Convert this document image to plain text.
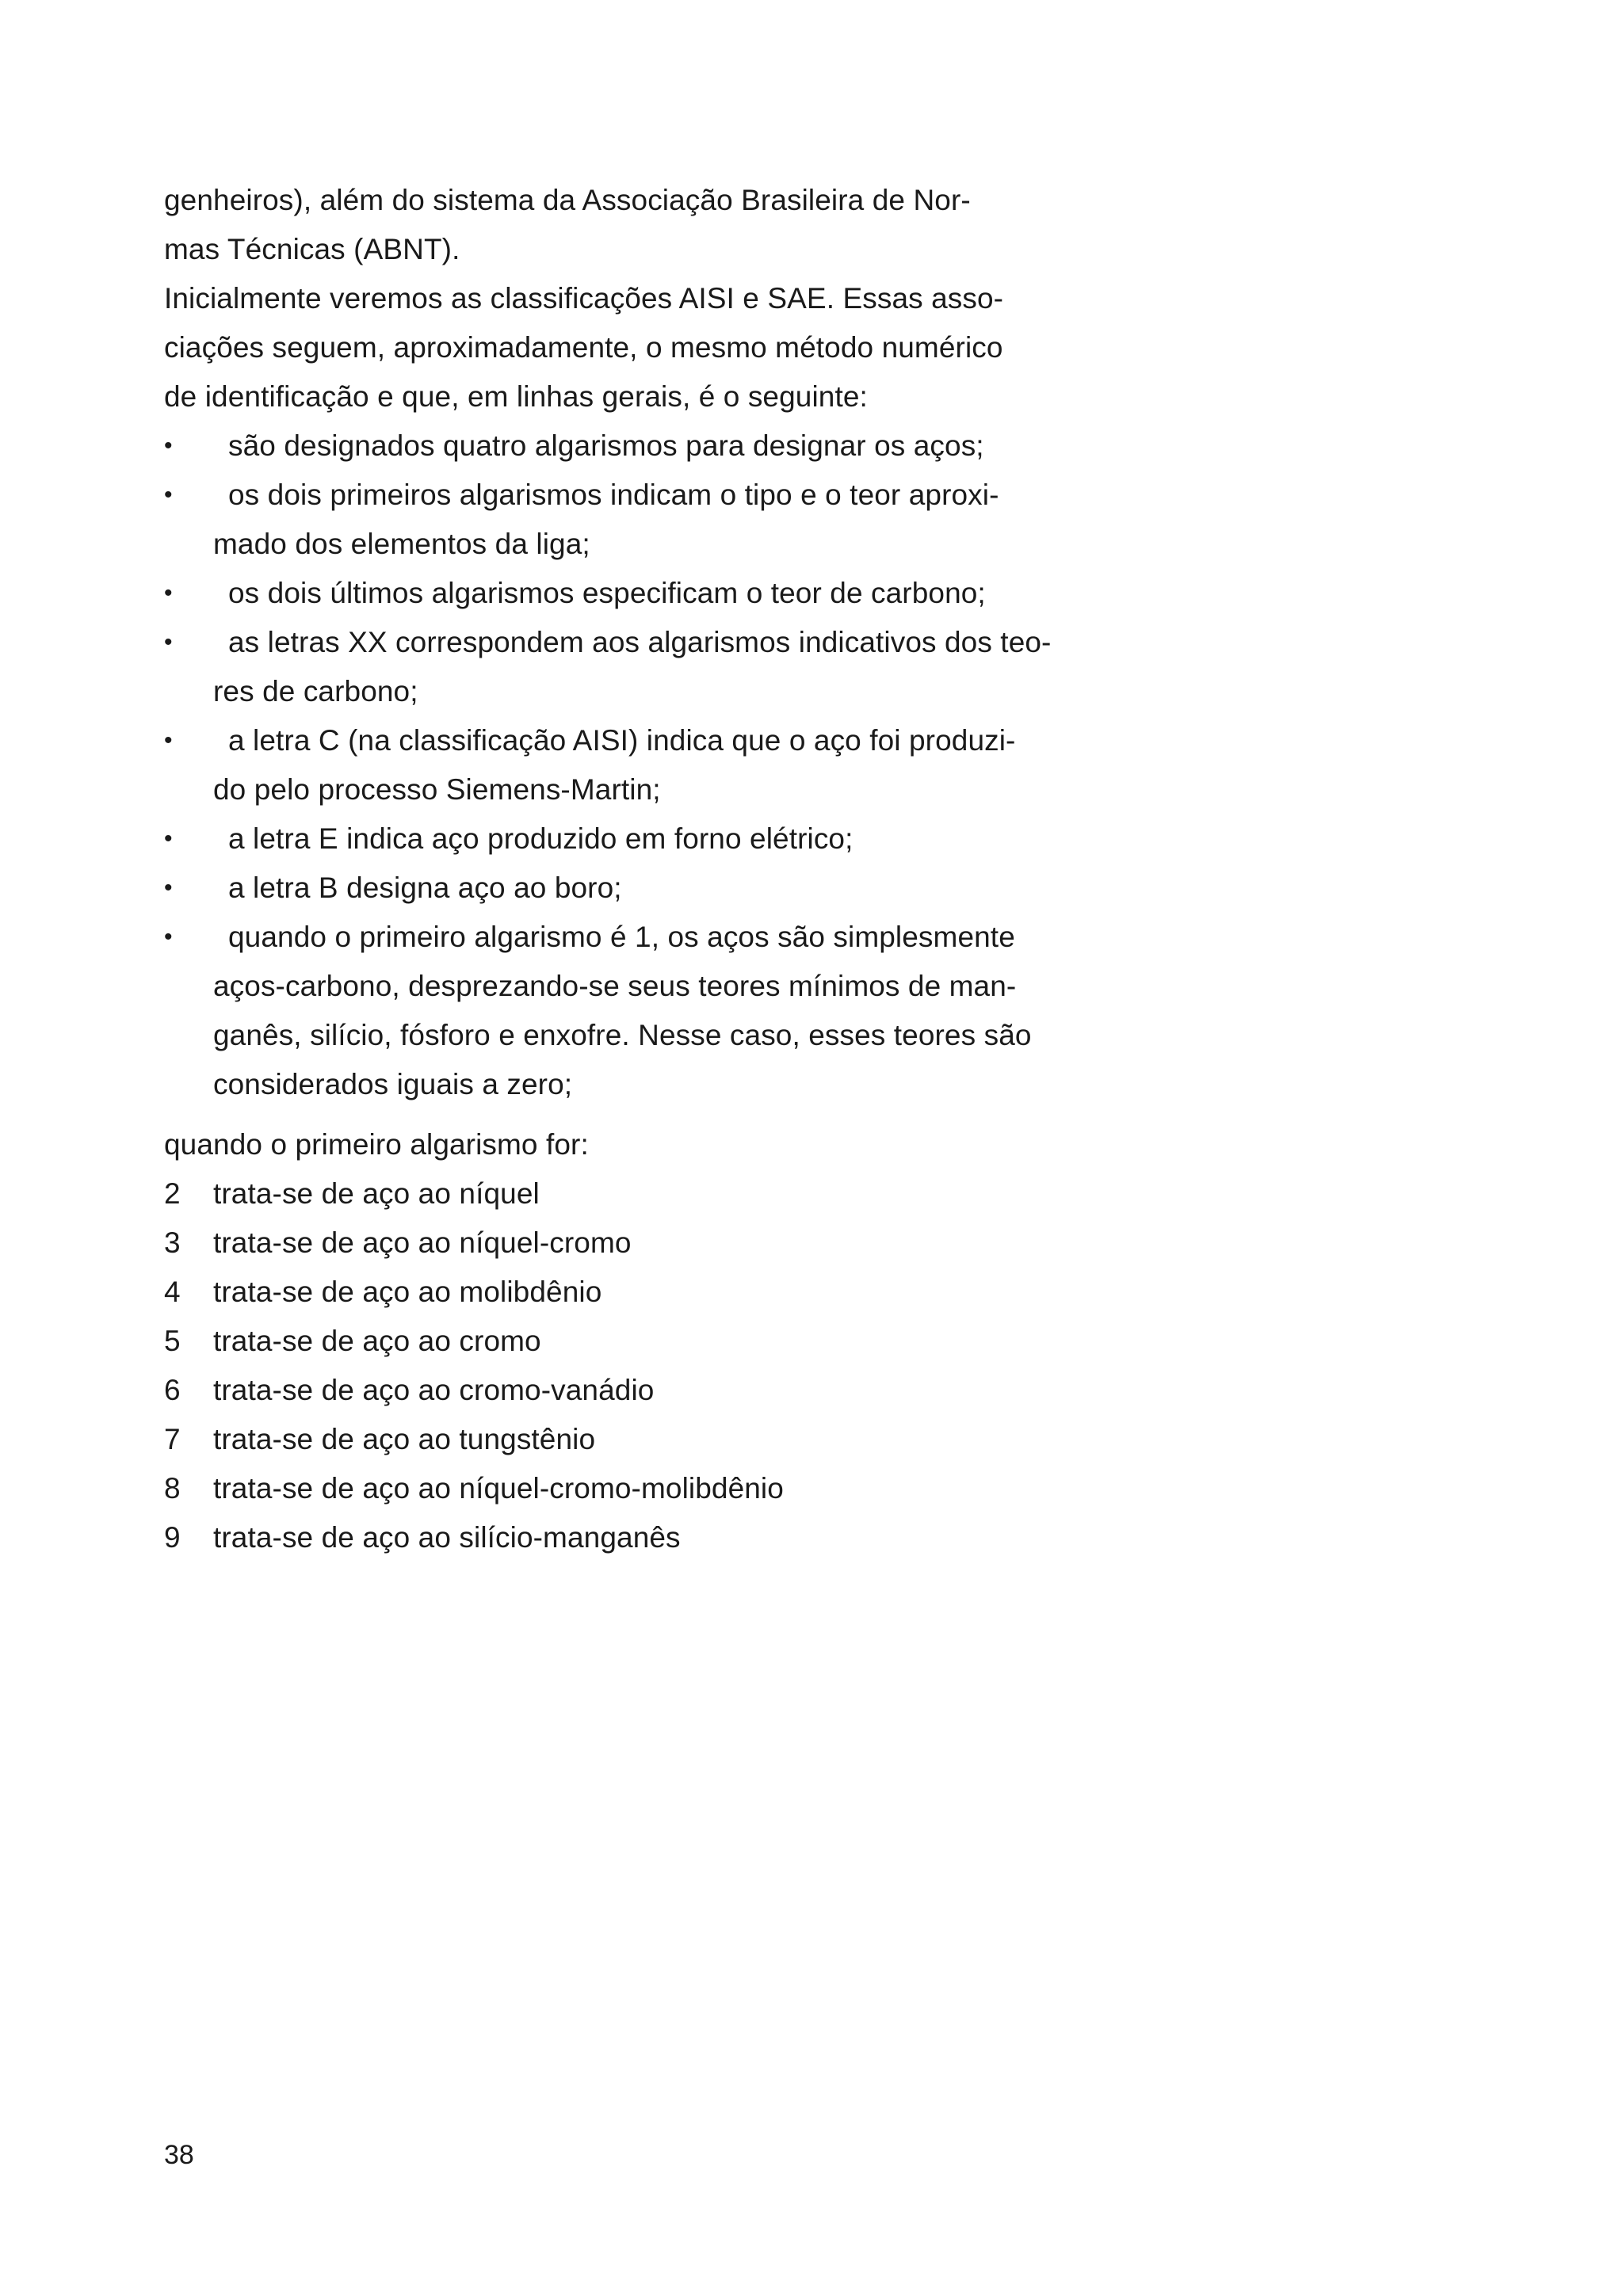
genheiros), além do sistema da Associação Brasileira de Nor-
mas Técnicas (ABNT).
Inicialmente veremos as classificações AISI e SAE. Essas asso-
ciações seguem, aproximadamente, o mesmo método numérico
de identificação e que, em linhas gerais, é o seguinte:
• são designados quatro algarismos para designar os aços;
• os dois primeiros algarismos indicam o tipo e o teor aproxi-
mado dos elementos da liga;
• os dois últimos algarismos especificam o teor de carbono;
• as letras XX correspondem aos algarismos indicativos dos teo-
res de carbono;
• a letra C (na classificação AISI) indica que o aço foi produzi-
do pelo processo Siemens-Martin;
• a letra E indica aço produzido em forno elétrico;
• a letra B designa aço ao boro;
• quando o primeiro algarismo é 1, os aços são simplesmente
aços-carbono, desprezando-se seus teores mínimos de man-
ganês, silício, fósforo e enxofre. Nesse caso, esses teores são
considerados iguais a zero;
quando o primeiro algarismo for:
2 trata-se de aço ao níquel
3 trata-se de aço ao níquel-cromo
4 trata-se de aço ao molibdênio
5 trata-se de aço ao cromo
6 trata-se de aço ao cromo-vanádio
7 trata-se de aço ao tungstênio
8 trata-se de aço ao níquel-cromo-molibdênio
9 trata-se de aço ao silício-manganês
38
